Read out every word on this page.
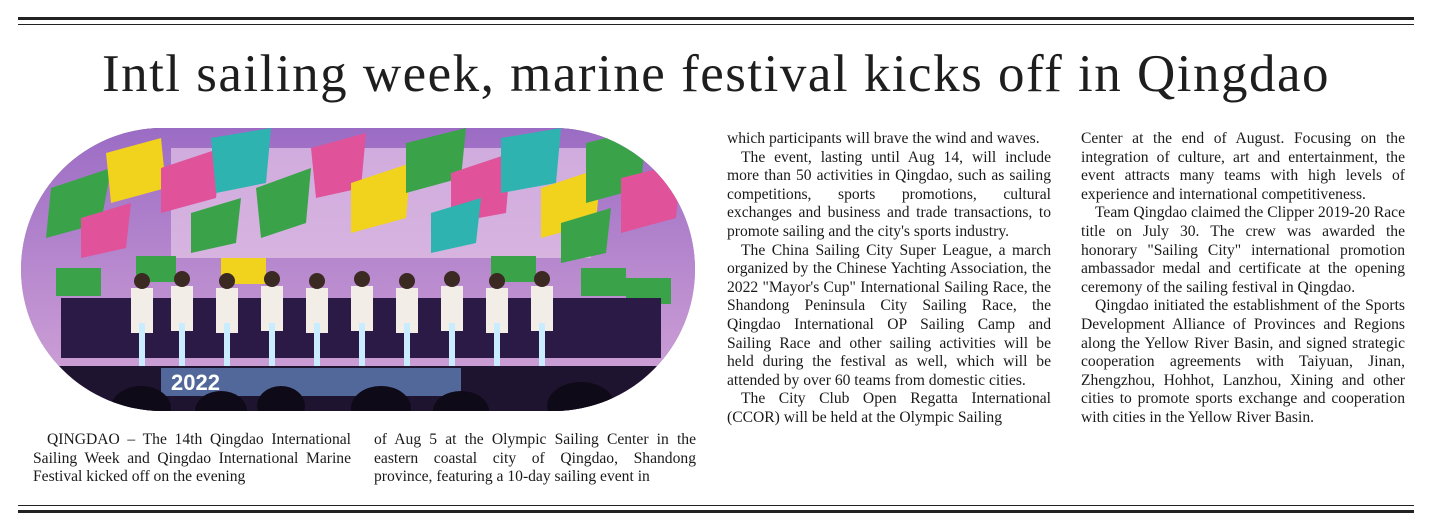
Intl sailing week, marine festival kicks off in Qingdao
2022

QINGDAO – The 14th Qingdao International Sailing Week and Qingdao International Marine Festival kicked off on the evening

of Aug 5 at the Olympic Sailing Center in the eastern coastal city of Qingdao, Shandong province, featuring a 10-day sailing event in

which participants will brave the wind and waves.

The event, lasting until Aug 14, will include more than 50 activities in Qingdao, such as sailing competitions, sports promotions, cultural exchanges and business and trade transactions, to promote sailing and the city's sports industry.

The China Sailing City Super League, a march organized by the Chinese Yachting Association, the 2022 "Mayor's Cup" International Sailing Race, the Shandong Peninsula City Sailing Race, the Qingdao International OP Sailing Camp and Sailing Race and other sailing activities will be held during the festival as well, which will be attended by over 60 teams from domestic cities.

The City Club Open Regatta International (CCOR) will be held at the Olympic Sailing

Center at the end of August. Focusing on the integration of culture, art and entertainment, the event attracts many teams with high levels of experience and international competitiveness.

Team Qingdao claimed the Clipper 2019-20 Race title on July 30. The crew was awarded the honorary "Sailing City" international promotion ambassador medal and certificate at the opening ceremony of the sailing festival in Qingdao.

Qingdao initiated the establishment of the Sports Development Alliance of Provinces and Regions along the Yellow River Basin, and signed strategic cooperation agreements with Taiyuan, Jinan, Zhengzhou, Hohhot, Lanzhou, Xining and other cities to promote sports exchange and cooperation with cities in the Yellow River Basin.
